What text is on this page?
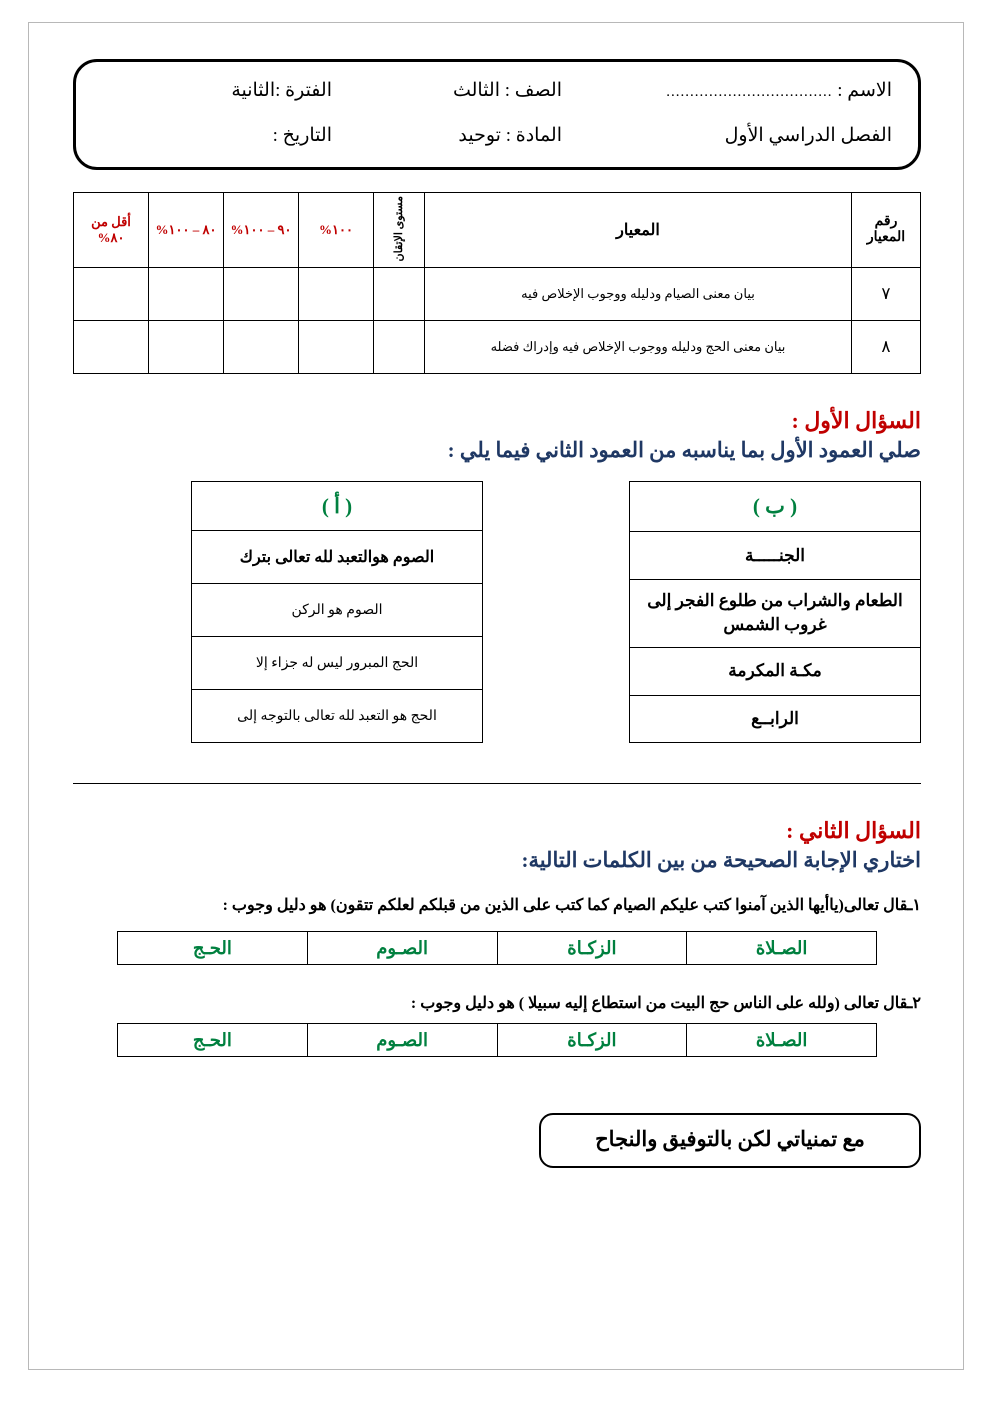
الاسم : ...................................
الصف : الثالث
الفترة :الثانية
الفصل الدراسي الأول
المادة : توحيد
التاريخ :
رقم المعيار	المعيار	مستوى الإتقان	١٠٠%	٩٠ – ١٠٠%	٨٠ – ١٠٠%	أقل من ٨٠%
٧	بيان معنى الصيام ودليله ووجوب الإخلاص فيه					
٨	بيان معنى الحج ودليله ووجوب الإخلاص فيه وإدراك فضله					
السؤال الأول :
صلي العمود الأول بما يناسبه من العمود الثاني فيما يلي :
( ب )
الجنـــــة
الطعام والشراب من طلوع الفجر إلى غروب الشمس
مكـة المكرمة
الرابــع
( أ )
الصوم هوالتعبد لله تعالى بترك
الصوم هو الركن
الحج المبرور ليس له جزاء إلا
الحج هو التعبد لله تعالى بالتوجه إلى
السؤال الثاني :
اختاري الإجابة الصحيحة من بين الكلمات التالية:
١ـقال تعالى(ياأيها الذين آمنوا كتب عليكم الصيام كما كتب على الذين من قبلكم لعلكم تتقون) هو دليل وجوب :
الصـلاة	الزكـاة	الصـوم	الحـج
٢ـقال تعالى (ولله على الناس حج البيت من استطاع إليه سبيلا ) هو دليل وجوب :
الصـلاة	الزكـاة	الصـوم	الحـج
مع تمنياتي لكن بالتوفيق والنجاح
